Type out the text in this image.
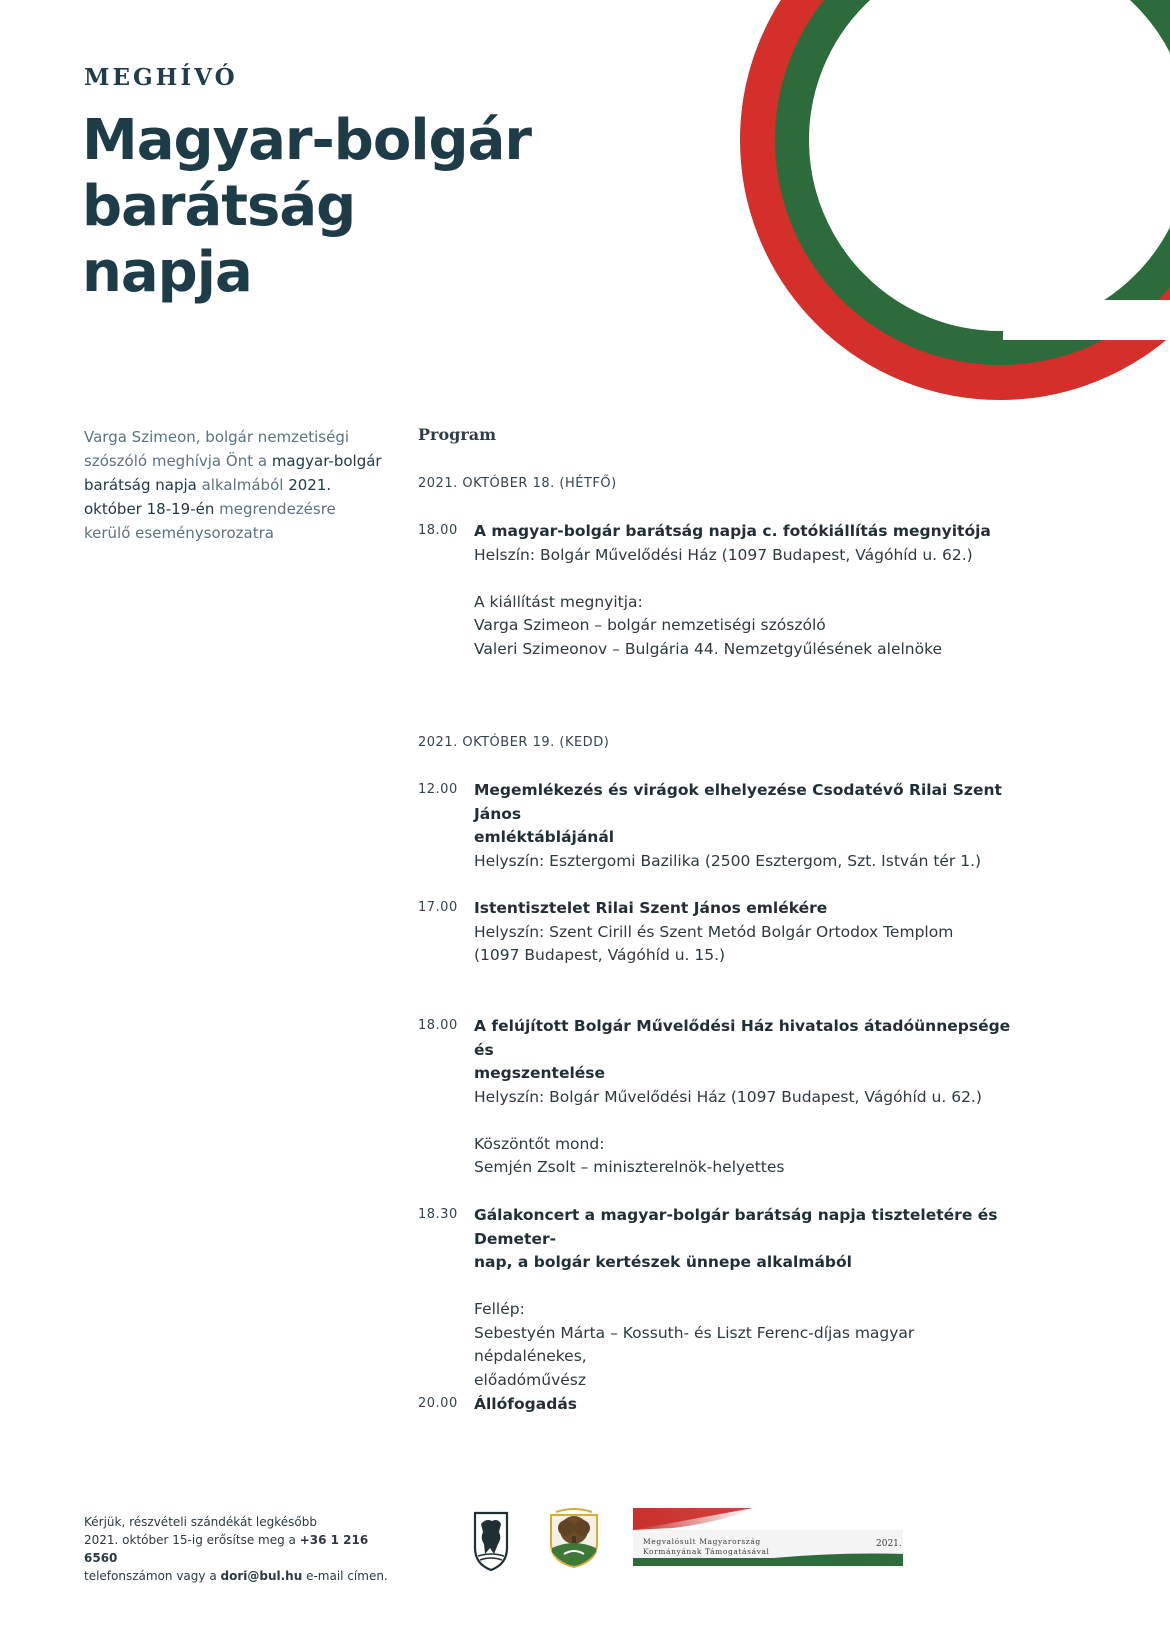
MEGHÍVÓ

Magyar-bolgár
barátság
napja

Varga Szimeon, bolgár nemzetiségi szószóló meghívja Önt a magyar-bolgár barátság napja alkalmából 2021. október 18-19-én megrendezésre kerülő eseménysorozatra

Program

2021. OKTÓBER 18. (HÉTFŐ)

18.00 A magyar-bolgár barátság napja c. fotókiállítás megnyitója
Helszín: Bolgár Művelődési Ház (1097 Budapest, Vágóhíd u. 62.)
A kiállítást megnyitja:
Varga Szimeon – bolgár nemzetiségi szószóló
Valeri Szimeonov – Bulgária 44. Nemzetgyűlésének alelnöke

2021. OKTÓBER 19. (KEDD)

12.00 Megemlékezés és virágok elhelyezése Csodatévő Rilai Szent János
emléktáblájánál
Helyszín: Esztergomi Bazilika (2500 Esztergom, Szt. István tér 1.)
17.00 Istentisztelet Rilai Szent János emlékére
Helyszín: Szent Cirill és Szent Metód Bolgár Ortodox Templom
(1097 Budapest, Vágóhíd u. 15.)
18.00 A felújított Bolgár Művelődési Ház hivatalos átadóünnepsége és
megszentelése
Helyszín: Bolgár Művelődési Ház (1097 Budapest, Vágóhíd u. 62.)
Köszöntőt mond:
Semjén Zsolt – miniszterelnök-helyettes
18.30 Gálakoncert a magyar-bolgár barátság napja tiszteletére és Demeter-
nap, a bolgár kertészek ünnepe alkalmából
Fellép:
Sebestyén Márta – Kossuth- és Liszt Ferenc-díjas magyar népdalénekes,
előadóművész
20.00 Állófogadás

Kérjük, részvételi szándékát legkésőbb
2021. október 15-ig erősítse meg a +36 1 216 6560
telefonszámon vagy a dori@bul.hu e-mail címen.

Megvalósult Magyarország
Kormányának Támogatásával
2021.
